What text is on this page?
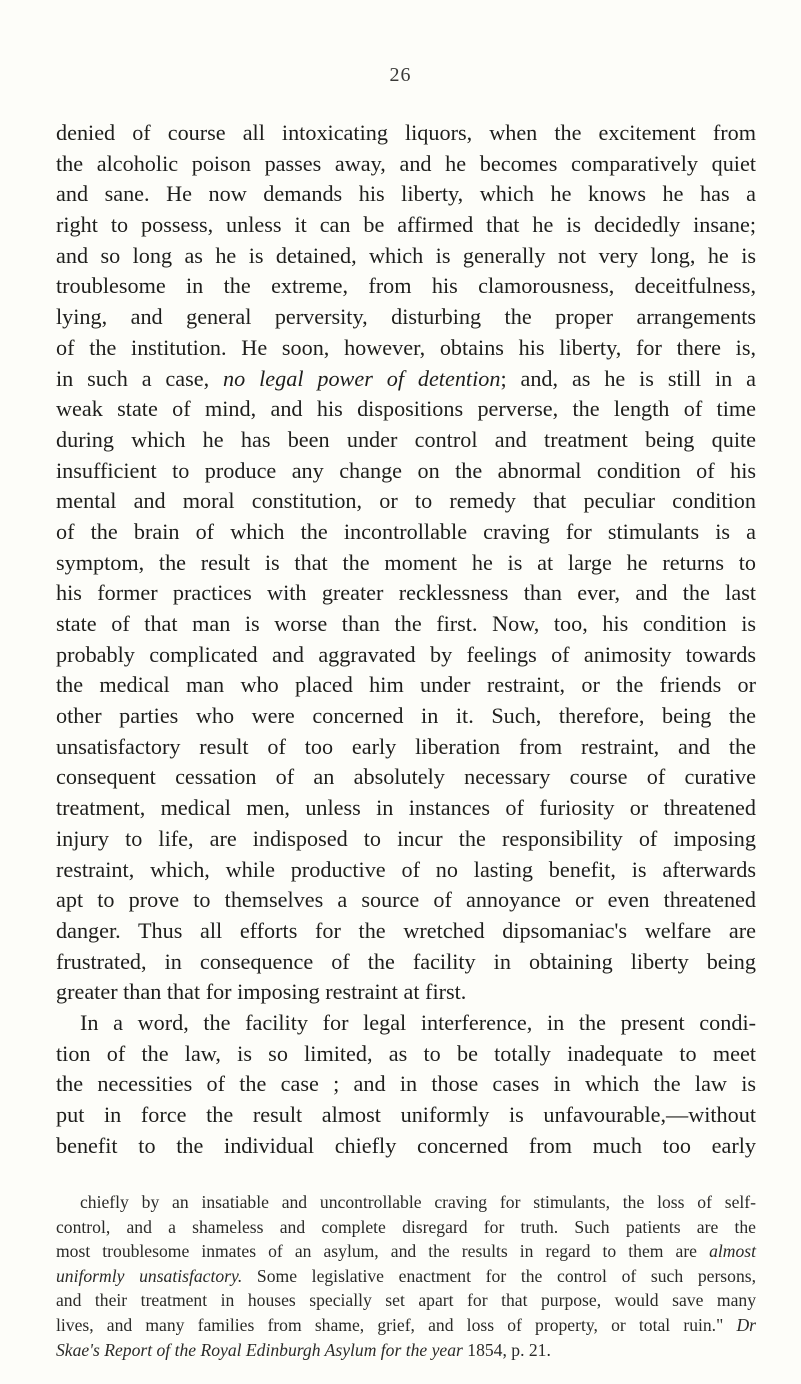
26
denied of course all intoxicating liquors, when the excitement from
the alcoholic poison passes away, and he becomes comparatively quiet
and sane. He now demands his liberty, which he knows he has a
right to possess, unless it can be affirmed that he is decidedly insane;
and so long as he is detained, which is generally not very long, he is
troublesome in the extreme, from his clamorousness, deceitfulness,
lying, and general perversity, disturbing the proper arrangements
of the institution. He soon, however, obtains his liberty, for there is,
in such a case, no legal power of detention; and, as he is still in a
weak state of mind, and his dispositions perverse, the length of time
during which he has been under control and treatment being quite
insufficient to produce any change on the abnormal condition of his
mental and moral constitution, or to remedy that peculiar condition
of the brain of which the incontrollable craving for stimulants is a
symptom, the result is that the moment he is at large he returns to
his former practices with greater recklessness than ever, and the last
state of that man is worse than the first. Now, too, his condition is
probably complicated and aggravated by feelings of animosity towards
the medical man who placed him under restraint, or the friends or
other parties who were concerned in it. Such, therefore, being the
unsatisfactory result of too early liberation from restraint, and the
consequent cessation of an absolutely necessary course of curative
treatment, medical men, unless in instances of furiosity or threatened
injury to life, are indisposed to incur the responsibility of imposing
restraint, which, while productive of no lasting benefit, is afterwards
apt to prove to themselves a source of annoyance or even threatened
danger. Thus all efforts for the wretched dipsomaniac's welfare are
frustrated, in consequence of the facility in obtaining liberty being
greater than that for imposing restraint at first.
In a word, the facility for legal interference, in the present condi-
tion of the law, is so limited, as to be totally inadequate to meet
the necessities of the case ; and in those cases in which the law is
put in force the result almost uniformly is unfavourable,—without
benefit to the individual chiefly concerned from much too early
chiefly by an insatiable and uncontrollable craving for stimulants, the loss of self-
control, and a shameless and complete disregard for truth. Such patients are the
most troublesome inmates of an asylum, and the results in regard to them are almost
uniformly unsatisfactory. Some legislative enactment for the control of such persons,
and their treatment in houses specially set apart for that purpose, would save many
lives, and many families from shame, grief, and loss of property, or total ruin." Dr
Skae's Report of the Royal Edinburgh Asylum for the year 1854, p. 21.
